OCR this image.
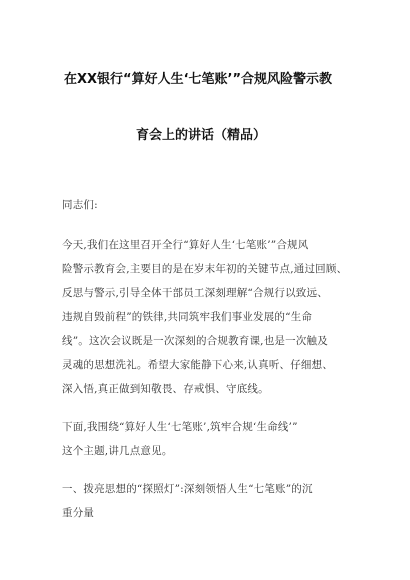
在XX银行“算好人生‘七笔账’”合规风险警示教
育会上的讲话（精品）
同志们:
今天,我们在这里召开全行“算好人生‘七笔账’”合规风
险警示教育会,主要目的是在岁末年初的关键节点,通过回顾、
反思与警示,引导全体干部员工深刻理解“合规行以致远、
违规自毁前程”的铁律,共同筑牢我们事业发展的“生命
线”。这次会议既是一次深刻的合规教育课,也是一次触及
灵魂的思想洗礼。希望大家能静下心来,认真听、仔细想、
深入悟,真正做到知敬畏、存戒惧、守底线。
下面,我围绕“算好人生‘七笔账’,筑牢合规‘生命线’”
这个主题,讲几点意见。
一、拨亮思想的“探照灯”:深刻领悟人生“七笔账”的沉
重分量
